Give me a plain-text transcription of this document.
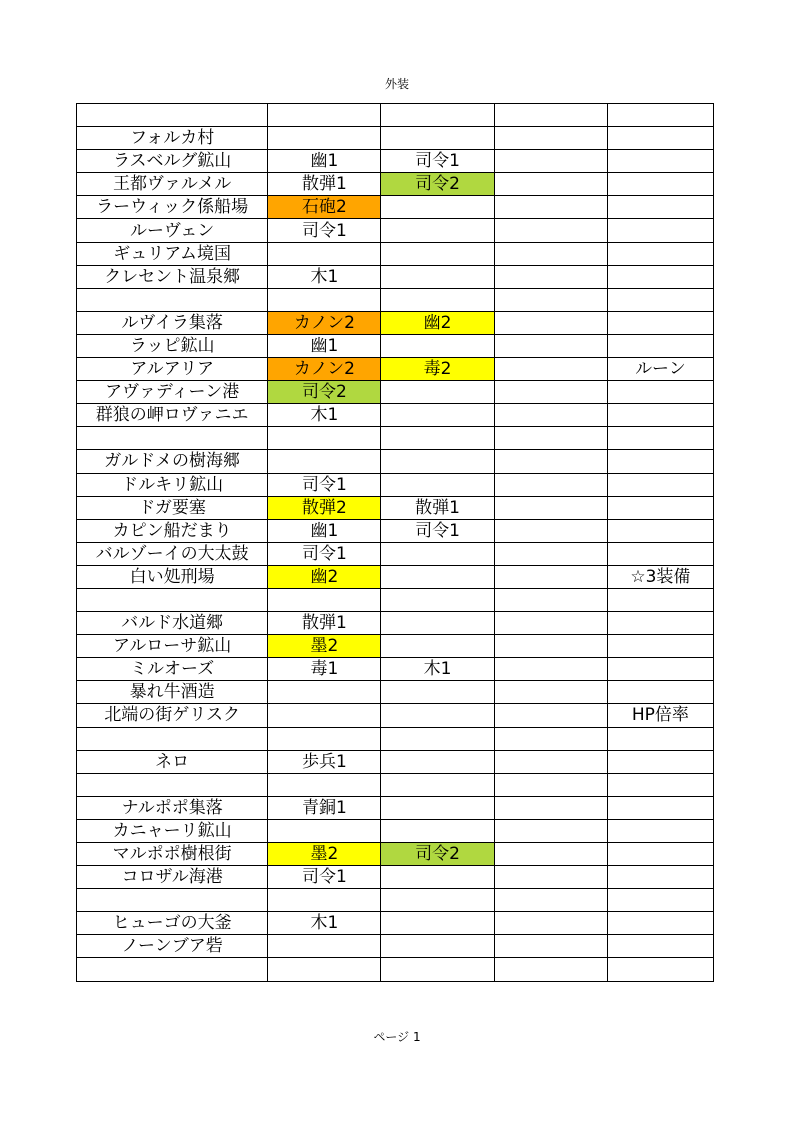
外装

フォルカ村				
ラスベルグ鉱山	幽1	司令1		
王都ヴァルメル	散弾1	司令2		
ラーウィック係船場	石砲2			
ルーヴェン	司令1			
ギュリアム境国				
クレセント温泉郷	木1			

ルヴイラ集落	カノン2	幽2		
ラッピ鉱山	幽1			
アルアリア	カノン2	毒2		ルーン
アヴァディーン港	司令2			
群狼の岬ロヴァニエ	木1			

ガルドメの樹海郷				
ドルキリ鉱山	司令1			
ドガ要塞	散弾2	散弾1		
カピン船だまり	幽1	司令1		
バルゾーイの大太鼓	司令1			
白い処刑場	幽2			☆3装備

バルド水道郷	散弾1			
アルローサ鉱山	墨2			
ミルオーズ	毒1	木1		
暴れ牛酒造				
北端の街ゲリスク				HP倍率

ネロ	歩兵1			

ナルポポ集落	青銅1			
カニャーリ鉱山				
マルポポ樹根街	墨2	司令2		
コロザル海港	司令1			

ヒューゴの大釜	木1			
ノーンブア砦				

ページ 1
